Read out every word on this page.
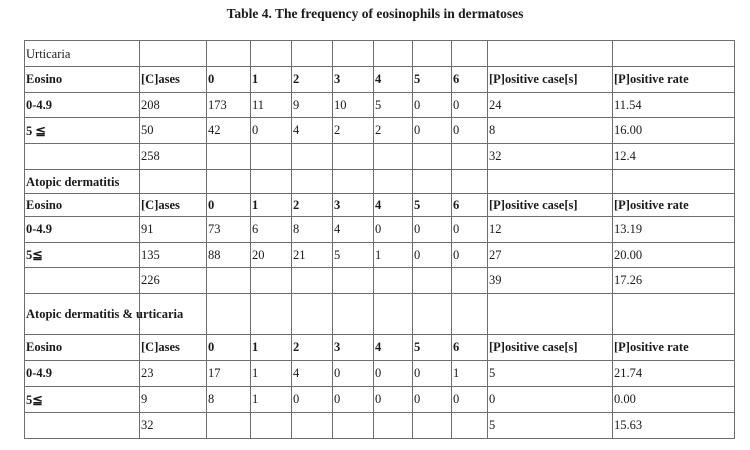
Table 4. The frequency of eosinophils in dermatoses
Urticaria										
Eosino	[C]ases	0	1	2	3	4	5	6	[P]ositive case[s]	[P]ositive rate
0-4.9	208	173	11	9	10	5	0	0	24	11.54
5 ≦	50	42	0	4	2	2	0	0	8	16.00
	258								32	12.4
Atopic dermatitis										
Eosino	[C]ases	0	1	2	3	4	5	6	[P]ositive case[s]	[P]ositive rate
0-4.9	91	73	6	8	4	0	0	0	12	13.19
5≦	135	88	20	21	5	1	0	0	27	20.00
	226								39	17.26
Atopic dermatitis & urticaria										
Eosino	[C]ases	0	1	2	3	4	5	6	[P]ositive case[s]	[P]ositive rate
0-4.9	23	17	1	4	0	0	0	1	5	21.74
5≦	9	8	1	0	0	0	0	0	0	0.00
	32								5	15.63
